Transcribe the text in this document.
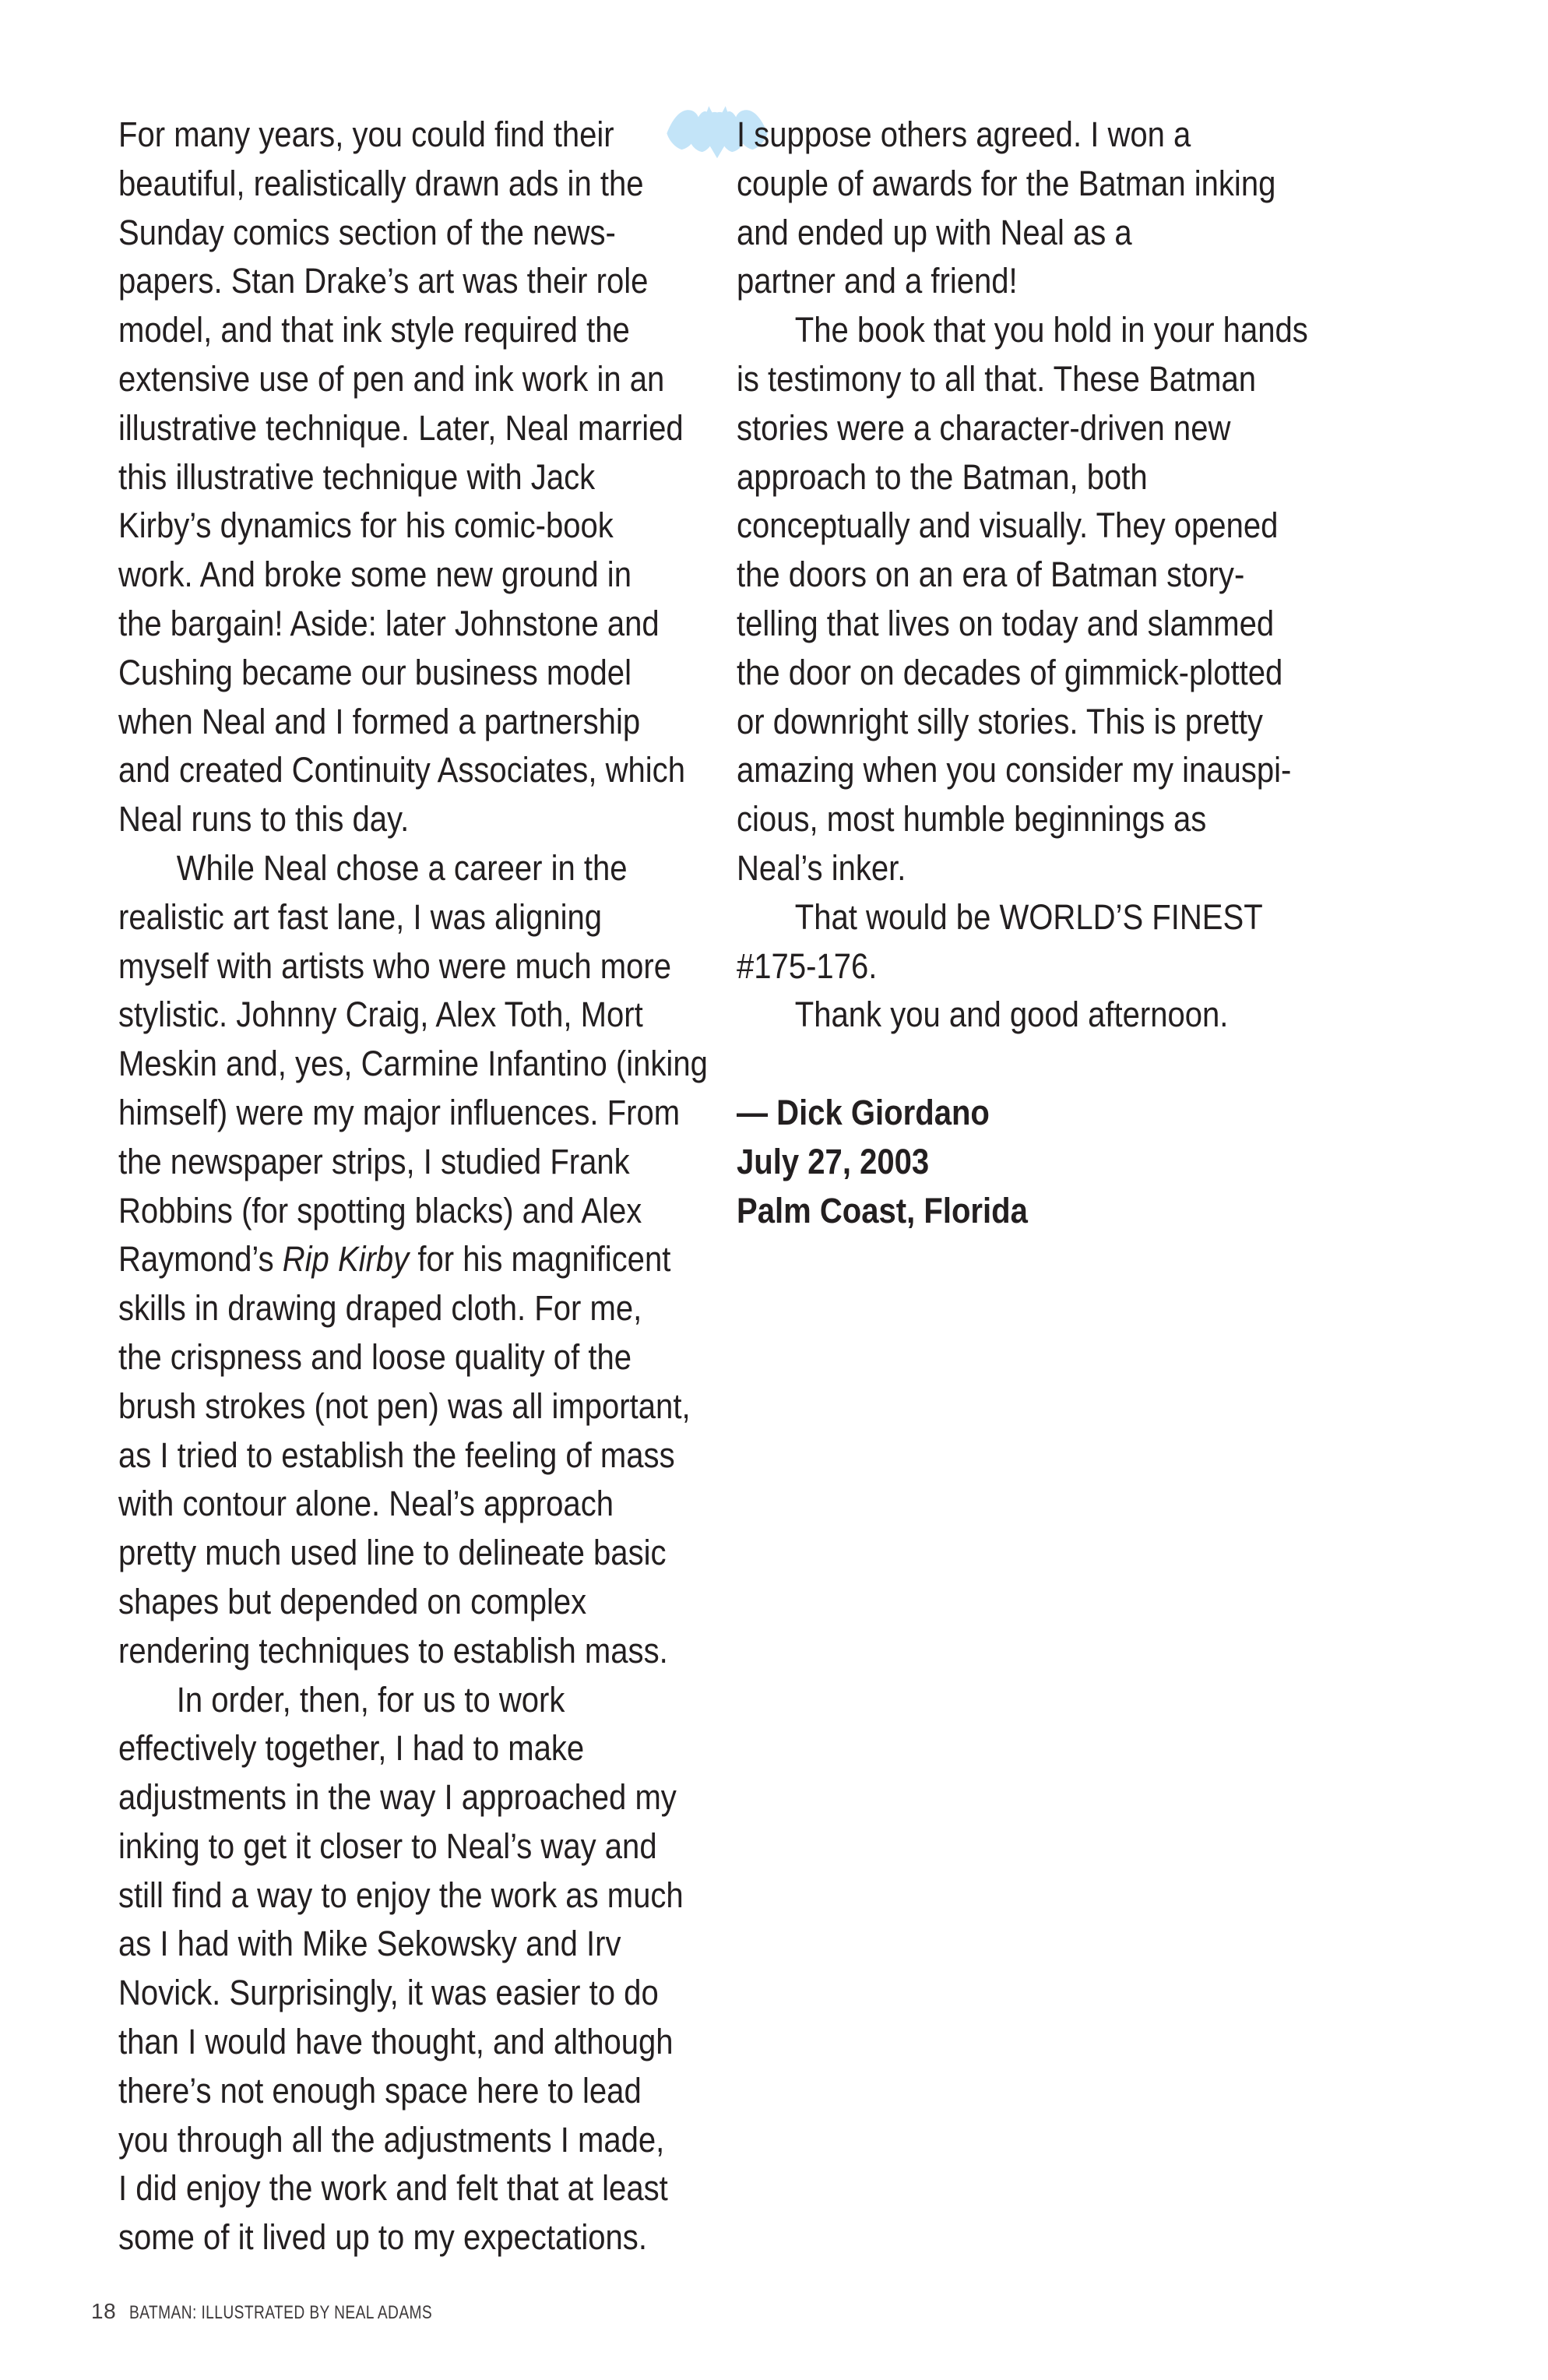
For many years, you could find their
beautiful, realistically drawn ads in the
Sunday comics section of the news-
papers. Stan Drake’s art was their role
model, and that ink style required the
extensive use of pen and ink work in an
illustrative technique. Later, Neal married
this illustrative technique with Jack
Kirby’s dynamics for his comic-book
work. And broke some new ground in
the bargain! Aside: later Johnstone and
Cushing became our business model
when Neal and I formed a partnership
and created Continuity Associates, which
Neal runs to this day.
While Neal chose a career in the
realistic art fast lane, I was aligning
myself with artists who were much more
stylistic. Johnny Craig, Alex Toth, Mort
Meskin and, yes, Carmine Infantino (inking
himself) were my major influences. From
the newspaper strips, I studied Frank
Robbins (for spotting blacks) and Alex
Raymond’s Rip Kirby for his magnificent
skills in drawing draped cloth. For me,
the crispness and loose quality of the
brush strokes (not pen) was all important,
as I tried to establish the feeling of mass
with contour alone. Neal’s approach
pretty much used line to delineate basic
shapes but depended on complex
rendering techniques to establish mass.
In order, then, for us to work
effectively together, I had to make
adjustments in the way I approached my
inking to get it closer to Neal’s way and
still find a way to enjoy the work as much
as I had with Mike Sekowsky and Irv
Novick. Surprisingly, it was easier to do
than I would have thought, and although
there’s not enough space here to lead
you through all the adjustments I made,
I did enjoy the work and felt that at least
some of it lived up to my expectations.
I suppose others agreed. I won a
couple of awards for the Batman inking
and ended up with Neal as a
partner and a friend!
The book that you hold in your hands
is testimony to all that. These Batman
stories were a character-driven new
approach to the Batman, both
conceptually and visually. They opened
the doors on an era of Batman story-
telling that lives on today and slammed
the door on decades of gimmick-plotted
or downright silly stories. This is pretty
amazing when you consider my inauspi-
cious, most humble beginnings as
Neal’s inker.
That would be WORLD’S FINEST
#175-176.
Thank you and good afternoon.
— Dick Giordano
July 27, 2003
Palm Coast, Florida
18 BATMAN: ILLUSTRATED BY NEAL ADAMS
